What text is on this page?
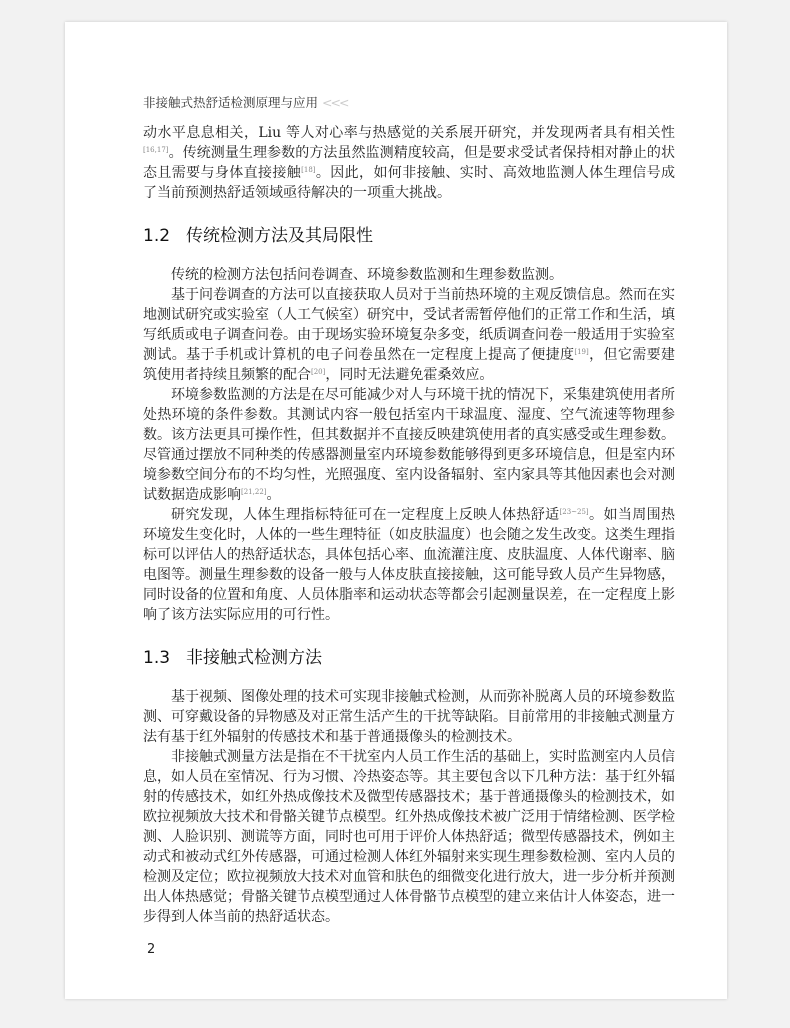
非接触式热舒适检测原理与应用 <<<

动水平息息相关，Liu 等人对心率与热感觉的关系展开研究，并发现两者具有相关性[16,17]。传统测量生理参数的方法虽然监测精度较高，但是要求受试者保持相对静止的状态且需要与身体直接接触[18]。因此，如何非接触、实时、高效地监测人体生理信号成了当前预测热舒适领域亟待解决的一项重大挑战。

1.2 传统检测方法及其局限性

传统的检测方法包括问卷调查、环境参数监测和生理参数监测。

基于问卷调查的方法可以直接获取人员对于当前热环境的主观反馈信息。然而在实地测试研究或实验室（人工气候室）研究中，受试者需暂停他们的正常工作和生活，填写纸质或电子调查问卷。由于现场实验环境复杂多变，纸质调查问卷一般适用于实验室测试。基于手机或计算机的电子问卷虽然在一定程度上提高了便捷度[19]，但它需要建筑使用者持续且频繁的配合[20]，同时无法避免霍桑效应。

环境参数监测的方法是在尽可能减少对人与环境干扰的情况下，采集建筑使用者所处热环境的条件参数。其测试内容一般包括室内干球温度、湿度、空气流速等物理参数。该方法更具可操作性，但其数据并不直接反映建筑使用者的真实感受或生理参数。尽管通过摆放不同种类的传感器测量室内环境参数能够得到更多环境信息，但是室内环境参数空间分布的不均匀性，光照强度、室内设备辐射、室内家具等其他因素也会对测试数据造成影响[21,22]。

研究发现，人体生理指标特征可在一定程度上反映人体热舒适[23~25]。如当周围热环境发生变化时，人体的一些生理特征（如皮肤温度）也会随之发生改变。这类生理指标可以评估人的热舒适状态，具体包括心率、血流灌注度、皮肤温度、人体代谢率、脑电图等。测量生理参数的设备一般与人体皮肤直接接触，这可能导致人员产生异物感，同时设备的位置和角度、人员体脂率和运动状态等都会引起测量误差，在一定程度上影响了该方法实际应用的可行性。

1.3 非接触式检测方法

基于视频、图像处理的技术可实现非接触式检测，从而弥补脱离人员的环境参数监测、可穿戴设备的异物感及对正常生活产生的干扰等缺陷。目前常用的非接触式测量方法有基于红外辐射的传感技术和基于普通摄像头的检测技术。

非接触式测量方法是指在不干扰室内人员工作生活的基础上，实时监测室内人员信息，如人员在室情况、行为习惯、冷热姿态等。其主要包含以下几种方法：基于红外辐射的传感技术，如红外热成像技术及微型传感器技术；基于普通摄像头的检测技术，如欧拉视频放大技术和骨骼关键节点模型。红外热成像技术被广泛用于情绪检测、医学检测、人脸识别、测谎等方面，同时也可用于评价人体热舒适；微型传感器技术，例如主动式和被动式红外传感器，可通过检测人体红外辐射来实现生理参数检测、室内人员的检测及定位；欧拉视频放大技术对血管和肤色的细微变化进行放大，进一步分析并预测出人体热感觉；骨骼关键节点模型通过人体骨骼节点模型的建立来估计人体姿态，进一步得到人体当前的热舒适状态。

2
